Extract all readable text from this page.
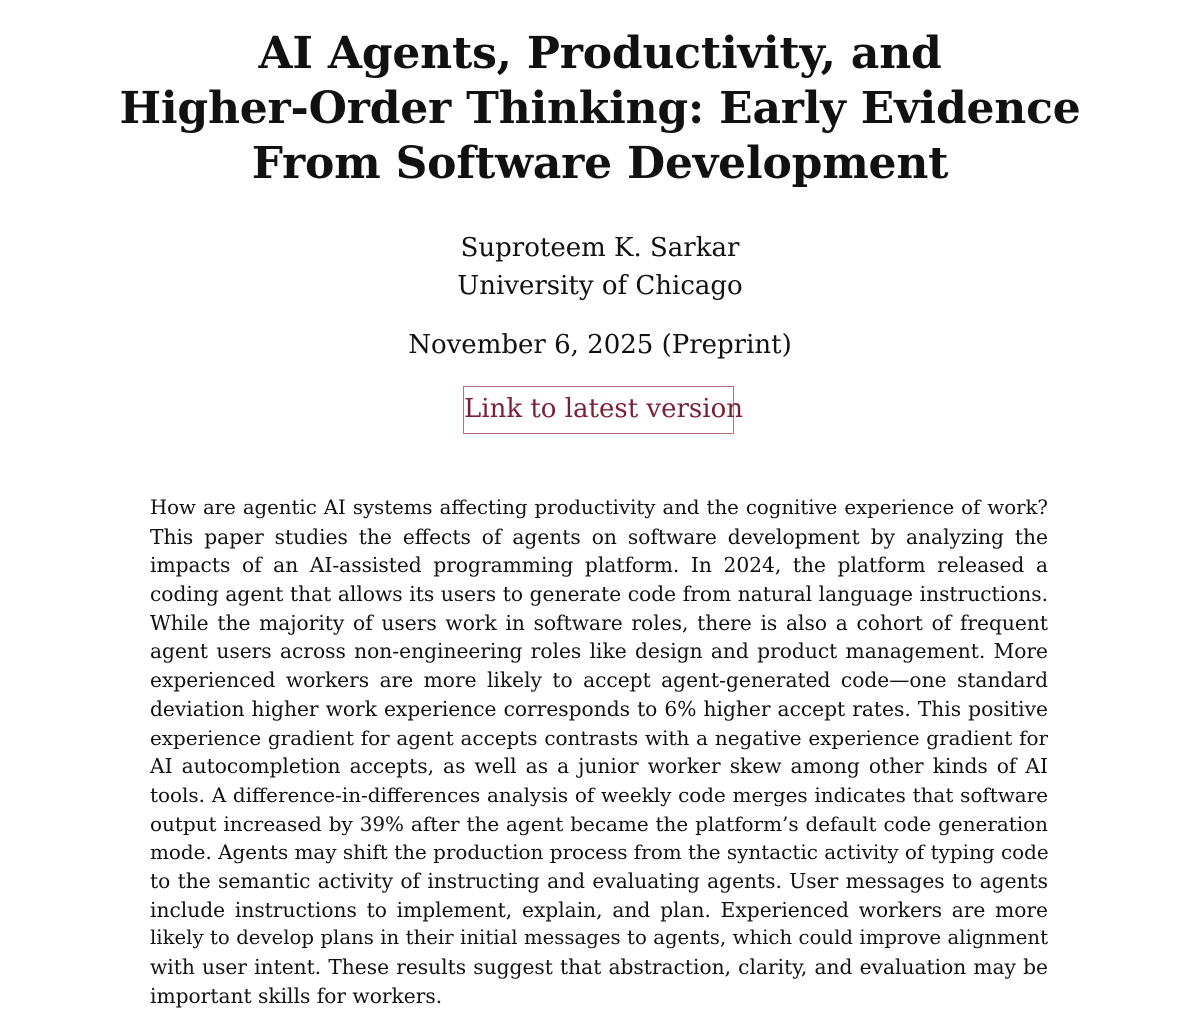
AI Agents, Productivity, and
Higher-Order Thinking: Early Evidence
From Software Development
Suproteem K. Sarkar
University of Chicago
November 6, 2025 (Preprint)
Link to latest version
How are agentic AI systems affecting productivity and the cognitive experience of work?
This paper studies the effects of agents on software development by analyzing the
impacts of an AI-assisted programming platform. In 2024, the platform released a
coding agent that allows its users to generate code from natural language instructions.
While the majority of users work in software roles, there is also a cohort of frequent
agent users across non-engineering roles like design and product management. More
experienced workers are more likely to accept agent-generated code—one standard
deviation higher work experience corresponds to 6% higher accept rates. This positive
experience gradient for agent accepts contrasts with a negative experience gradient for
AI autocompletion accepts, as well as a junior worker skew among other kinds of AI
tools. A difference-in-differences analysis of weekly code merges indicates that software
output increased by 39% after the agent became the platform’s default code generation
mode. Agents may shift the production process from the syntactic activity of typing code
to the semantic activity of instructing and evaluating agents. User messages to agents
include instructions to implement, explain, and plan. Experienced workers are more
likely to develop plans in their initial messages to agents, which could improve alignment
with user intent. These results suggest that abstraction, clarity, and evaluation may be
important skills for workers.
